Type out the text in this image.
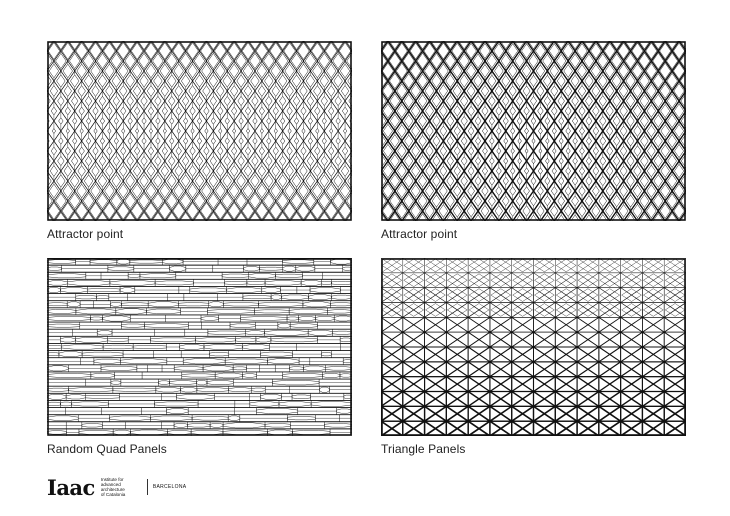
Attractor point	Attractor point
Random Quad Panels	Triangle Panels
Iaac Institute for
advanced
architecture
of Catalonia
BARCELONA
